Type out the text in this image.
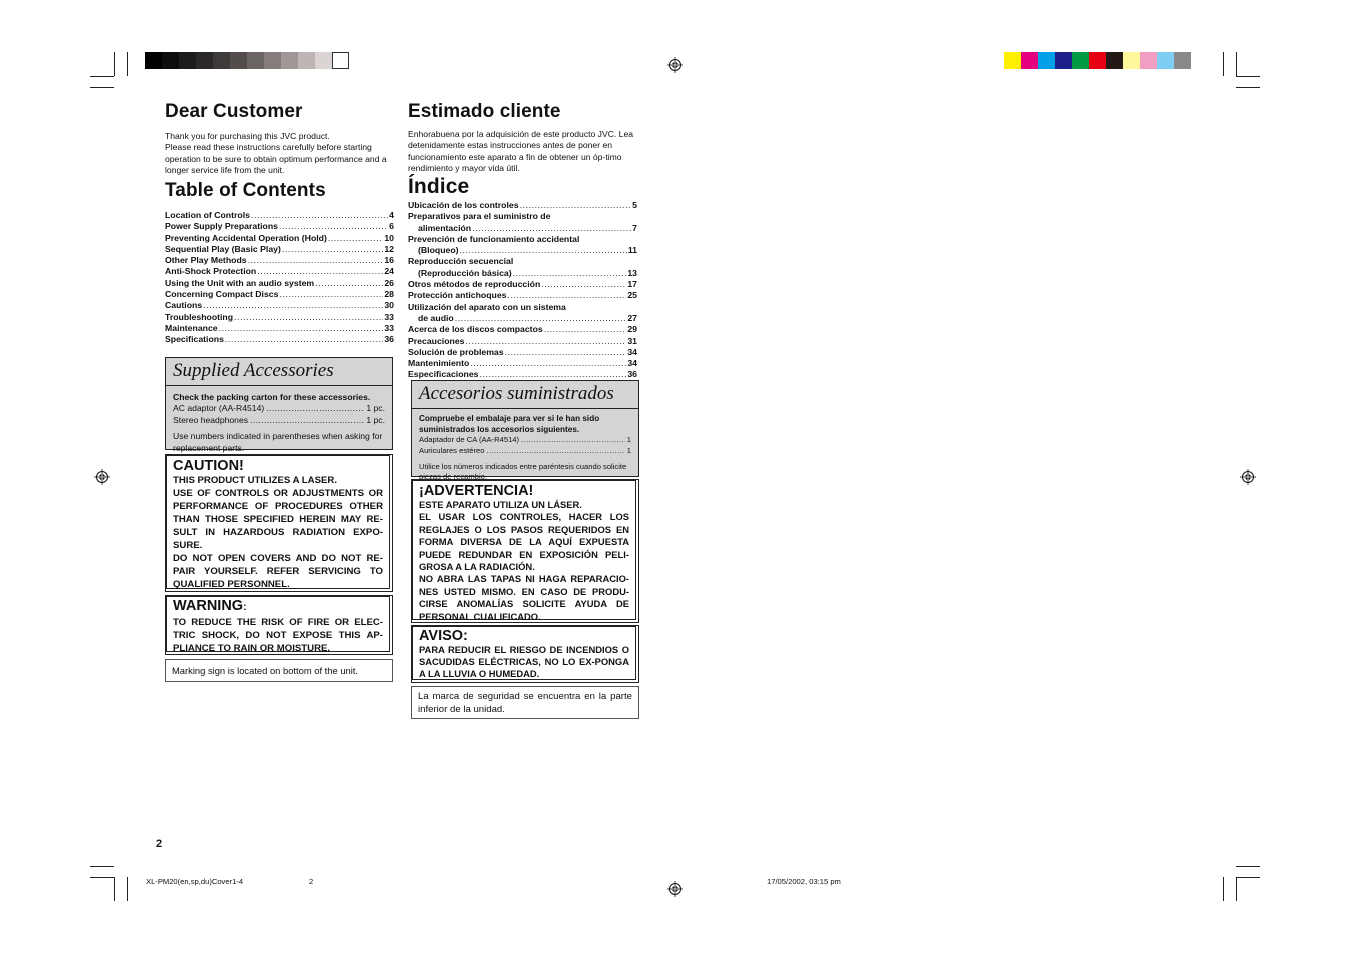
Dear Customer

Thank you for purchasing this JVC product.

Please read these instructions carefully before starting operation to be sure to obtain optimum performance and a longer service life from the unit.

Table of Contents
Location of Controls .....	4
Power Supply Preparations .....	6
Preventing Accidental Operation (Hold) .....	10
Sequential Play (Basic Play) .....	12
Other Play Methods .....	16
Anti-Shock Protection .....	24
Using the Unit with an audio system .....	26
Concerning Compact Discs .....	28
Cautions .....	30
Troubleshooting .....	33
Maintenance .....	33
Specifications .....	36
Supplied Accessories
Check the packing carton for these accessories.
AC adaptor (AA-R4514) .....	1 pc.
Stereo headphones .....	1 pc.
Use numbers indicated in parentheses when asking for replacement parts.
CAUTION!
THIS PRODUCT UTILIZES A LASER.
USE OF CONTROLS OR ADJUSTMENTS OR PERFORMANCE OF PROCEDURES OTHER THAN THOSE SPECIFIED HEREIN MAY RE-SULT IN HAZARDOUS RADIATION EXPO-SURE.
DO NOT OPEN COVERS AND DO NOT RE-PAIR YOURSELF. REFER SERVICING TO QUALIFIED PERSONNEL.
WARNING:
TO REDUCE THE RISK OF FIRE OR ELEC-TRIC SHOCK, DO NOT EXPOSE THIS AP-PLIANCE TO RAIN OR MOISTURE.
Marking sign is located on bottom of the unit.
Estimado cliente

Enhorabuena por la adquisición de este producto JVC. Lea detenidamente estas instrucciones antes de poner en funcionamiento este aparato a fin de obtener un óp-timo rendimiento y mayor vida útil.

Índice
Ubicación de los controles .....	5
Preparativos para el suministro de
alimentación .....	7
Prevención de funcionamiento accidental
(Bloqueo) .....	11
Reproducción secuencial
(Reproducción básica) .....	13
Otros métodos de reproducción .....	17
Protección antichoques .....	25
Utilización del aparato con un sistema
de audio .....	27
Acerca de los discos compactos .....	29
Precauciones .....	31
Solución de problemas .....	34
Mantenimiento .....	34
Especificaciones .....	36
Accesorios suministrados
Compruebe el embalaje para ver si le han sido suministrados los accesorios siguientes.
Adaptador de CA (AA-R4514) .....	1
Auriculares estéreo .....	1
Utilice los números indicados entre paréntesis cuando solicite piezas de recambio.
¡ADVERTENCIA!
ESTE APARATO UTILIZA UN LÁSER.
EL USAR LOS CONTROLES, HACER LOS REGLAJES O LOS PASOS REQUERIDOS EN FORMA DIVERSA DE LA AQUÍ EXPUESTA PUEDE REDUNDAR EN EXPOSICIÓN PELI-GROSA A LA RADIACIÓN.
NO ABRA LAS TAPAS NI HAGA REPARACIO-NES USTED MISMO. EN CASO DE PRODU-CIRSE ANOMALÍAS SOLICITE AYUDA DE PERSONAL CUALIFICADO.
AVISO:
PARA REDUCIR EL RIESGO DE INCENDIOS O SACUDIDAS ELÉCTRICAS, NO LO EX-PONGA A LA LLUVIA O HUMEDAD.
La marca de seguridad se encuentra en la parte inferior de la unidad.
2
XL-PM20(en,sp,du)Cover1-4	2	17/05/2002, 03:15 pm
